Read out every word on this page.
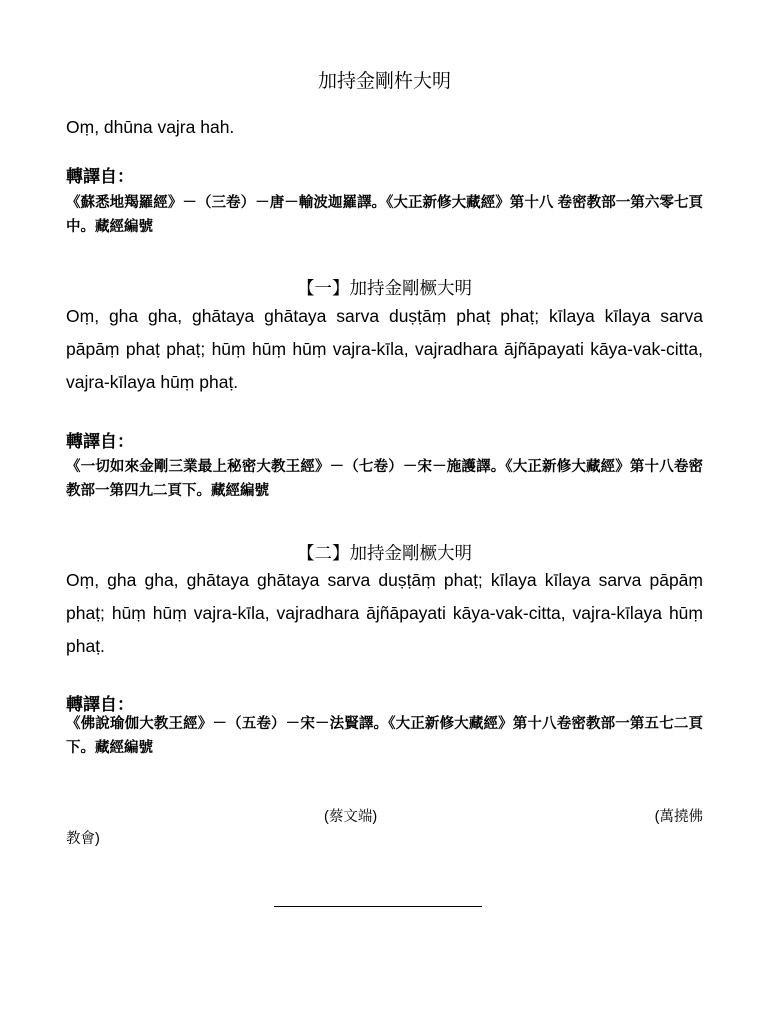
加持金剛杵大明

Oṃ, dhūna vajra hah.

轉譯自：
《蘇悉地羯羅經》－（三卷）－唐－輸波迦羅譯。《大正新修大藏經》第十八 卷密教部一第六零七頁中。藏經編號
【一】加持金剛橛大明

Oṃ, gha gha, ghātaya ghātaya sarva duṣṭāṃ phaṭ phaṭ; kīlaya kīlaya sarva pāpāṃ phaṭ phaṭ; hūṃ hūṃ hūṃ vajra-kīla, vajradhara ājñāpayati kāya-vak-citta, vajra-kīlaya hūṃ phaṭ.

轉譯自：
《一切如來金剛三業最上秘密大教王經》－（七卷）－宋－施護譯。《大正新修大藏經》第十八卷密教部一第四九二頁下。藏經編號
【二】加持金剛橛大明

Oṃ, gha gha, ghātaya ghātaya sarva duṣṭāṃ phaṭ; kīlaya kīlaya sarva pāpāṃ phaṭ; hūṃ hūṃ vajra-kīla, vajradhara ājñāpayati kāya-vak-citta, vajra-kīlaya hūṃ phaṭ.

轉譯自：
《佛說瑜伽大教王經》－（五卷）－宋－法賢譯。《大正新修大藏經》第十八卷密教部一第五七二頁下。藏經編號
(蔡文端)	(萬撓佛
教會)
